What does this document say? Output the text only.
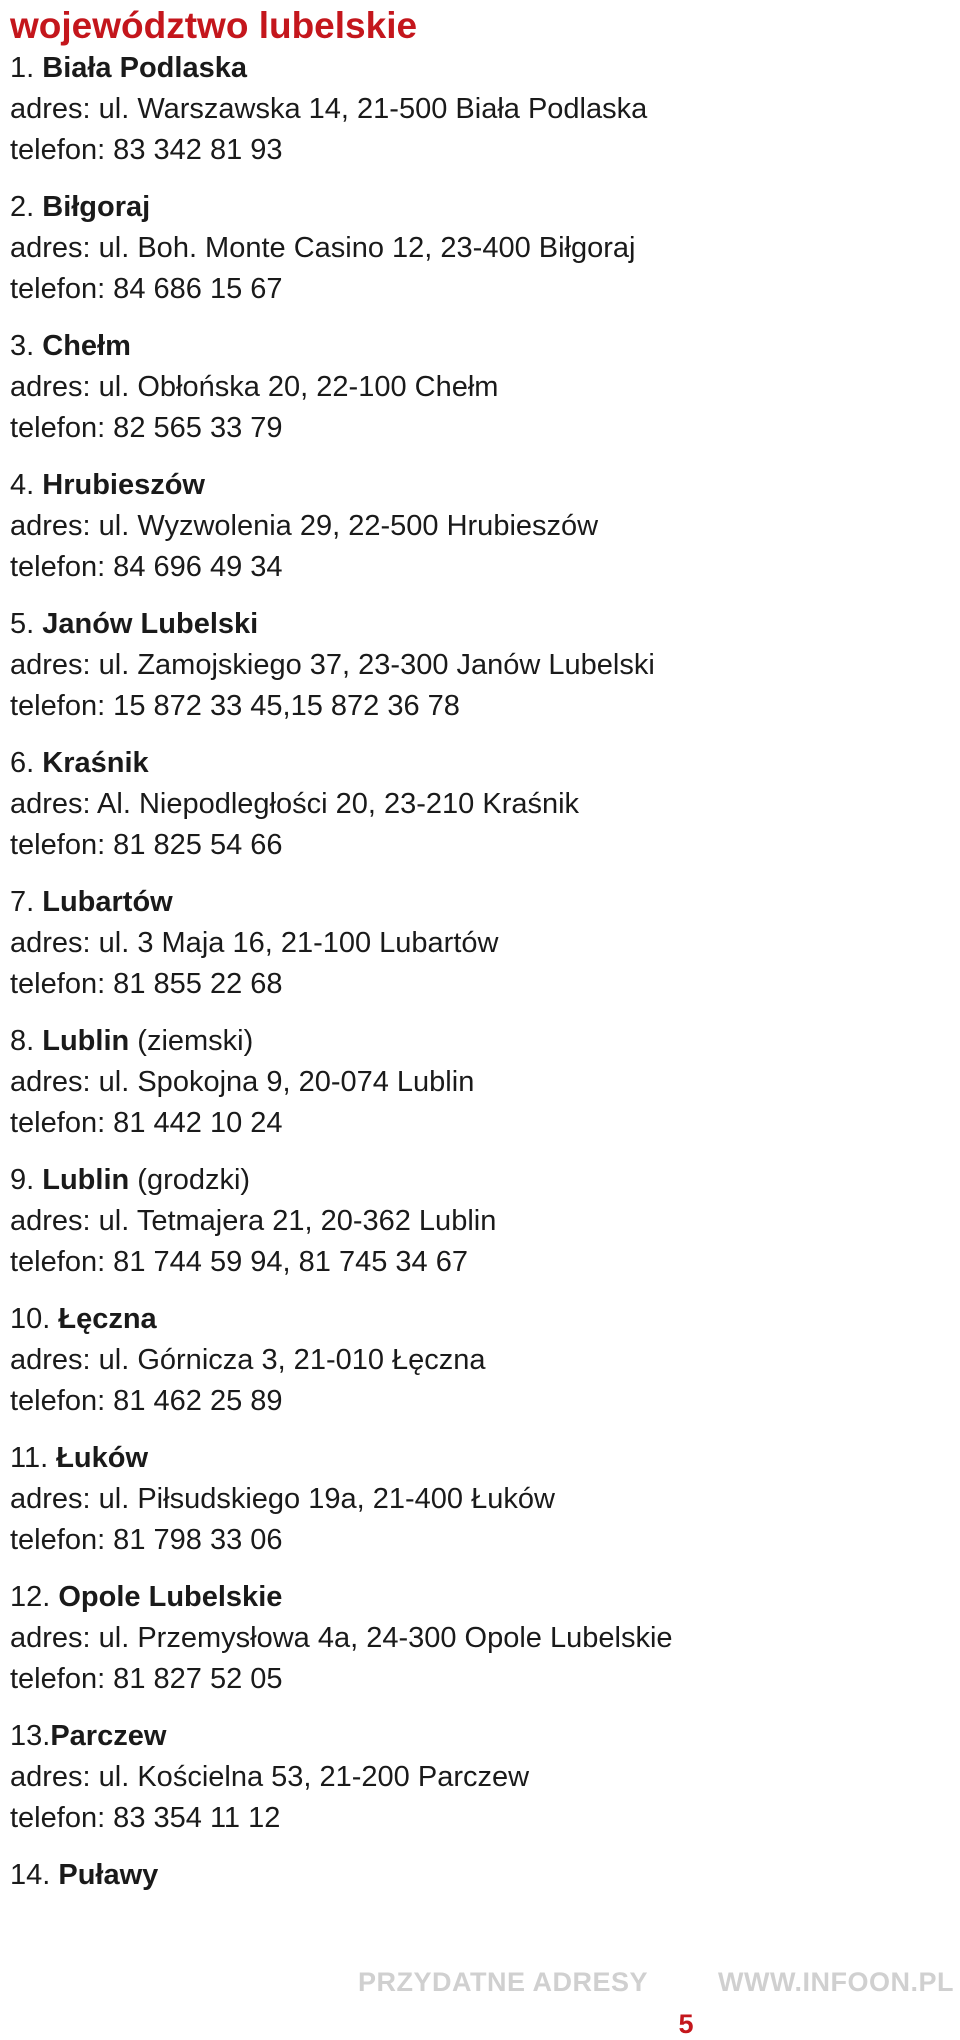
województwo lubelskie
1. Biała Podlaska
adres: ul. Warszawska 14, 21-500 Biała Podlaska
telefon: 83 342 81 93
2. Biłgoraj
adres: ul. Boh. Monte Casino 12, 23-400 Biłgoraj
telefon: 84 686 15 67
3. Chełm
adres: ul. Obłońska 20, 22-100 Chełm
telefon: 82 565 33 79
4. Hrubieszów
adres: ul. Wyzwolenia 29, 22-500 Hrubieszów
telefon: 84 696 49 34
5. Janów Lubelski
adres: ul. Zamojskiego 37, 23-300 Janów Lubelski
telefon: 15 872 33 45,15 872 36 78
6. Kraśnik
adres: Al. Niepodległości 20, 23-210 Kraśnik
telefon: 81 825 54 66
7. Lubartów
adres: ul. 3 Maja 16, 21-100 Lubartów
telefon: 81 855 22 68
8. Lublin (ziemski)
adres: ul. Spokojna 9, 20-074 Lublin
telefon: 81 442 10 24
9. Lublin (grodzki)
adres: ul. Tetmajera 21, 20-362 Lublin
telefon: 81 744 59 94, 81 745 34 67
10. Łęczna
adres: ul. Górnicza 3, 21-010 Łęczna
telefon: 81 462 25 89
11. Łuków
adres: ul. Piłsudskiego 19a, 21-400 Łuków
telefon: 81 798 33 06
12. Opole Lubelskie
adres: ul. Przemysłowa 4a, 24-300 Opole Lubelskie
telefon: 81 827 52 05
13.Parczew
adres: ul. Kościelna 53, 21-200 Parczew
telefon: 83 354 11 12
14. Puławy
PRZYDATNE ADRESY	WWW.INFOON.PL
5
